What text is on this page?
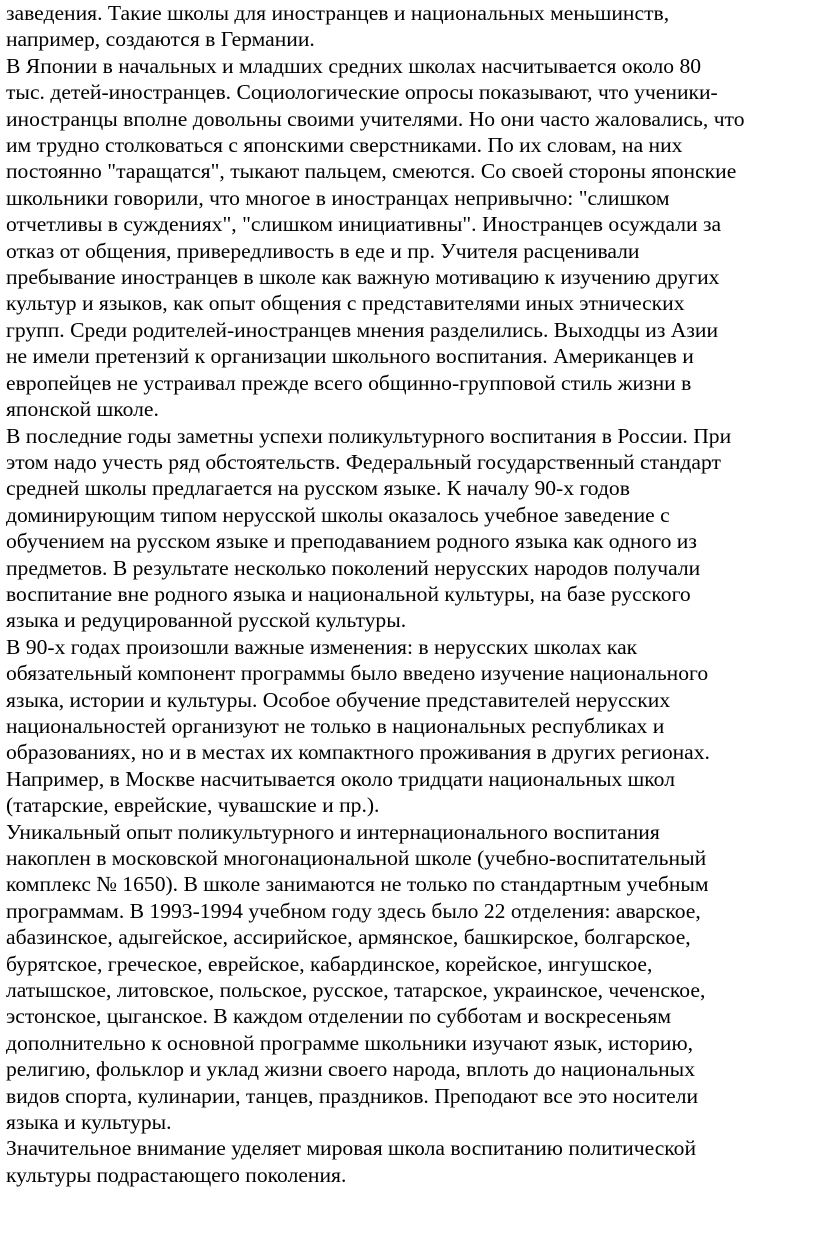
заведения. Такие школы для иностранцев и национальных меньшинств,
например, создаются в Германии.

В Японии в начальных и младших средних школах насчитывается около 80
тыс. детей-иностранцев. Социологические опросы показывают, что ученики-
иностранцы вполне довольны своими учителями. Но они часто жаловались, что
им трудно столковаться с японскими сверстниками. По их словам, на них
постоянно "таращатся", тыкают пальцем, смеются. Со своей стороны японские
школьники говорили, что многое в иностранцах непривычно: "слишком
отчетливы в суждениях", "слишком инициативны". Иностранцев осуждали за
отказ от общения, привередливость в еде и пр. Учителя расценивали
пребывание иностранцев в школе как важную мотивацию к изучению других
культур и языков, как опыт общения с представителями иных этнических
групп. Среди родителей-иностранцев мнения разделились. Выходцы из Азии
не имели претензий к организации школьного воспитания. Американцев и
европейцев не устраивал прежде всего общинно-групповой стиль жизни в
японской школе.

В последние годы заметны успехи поликультурного воспитания в России. При
этом надо учесть ряд обстоятельств. Федеральный государственный стандарт
средней школы предлагается на русском языке. К началу 90-х годов
доминирующим типом нерусской школы оказалось учебное заведение с
обучением на русском языке и преподаванием родного языка как одного из
предметов. В результате несколько поколений нерусских народов получали
воспитание вне родного языка и национальной культуры, на базе русского
языка и редуцированной русской культуры.

В 90-х годах произошли важные изменения: в нерусских школах как
обязательный компонент программы было введено изучение национального
языка, истории и культуры. Особое обучение представителей нерусских
национальностей организуют не только в национальных республиках и
образованиях, но и в местах их компактного проживания в других регионах.
Например, в Москве насчитывается около тридцати национальных школ
(татарские, еврейские, чувашские и пр.).

Уникальный опыт поликультурного и интернационального воспитания
накоплен в московской многонациональной школе (учебно-воспитательный
комплекс № 1650). В школе занимаются не только по стандартным учебным
программам. В 1993-1994 учебном году здесь было 22 отделения: аварское,
абазинское, адыгейское, ассирийское, армянское, башкирское, болгарское,
бурятское, греческое, еврейское, кабардинское, корейское, ингушское,
латышское, литовское, польское, русское, татарское, украинское, чеченское,
эстонское, цыганское. В каждом отделении по субботам и воскресеньям
дополнительно к основной программе школьники изучают язык, историю,
религию, фольклор и уклад жизни своего народа, вплоть до национальных
видов спорта, кулинарии, танцев, праздников. Преподают все это носители
языка и культуры.

Значительное внимание уделяет мировая школа воспитанию политической
культуры подрастающего поколения.
